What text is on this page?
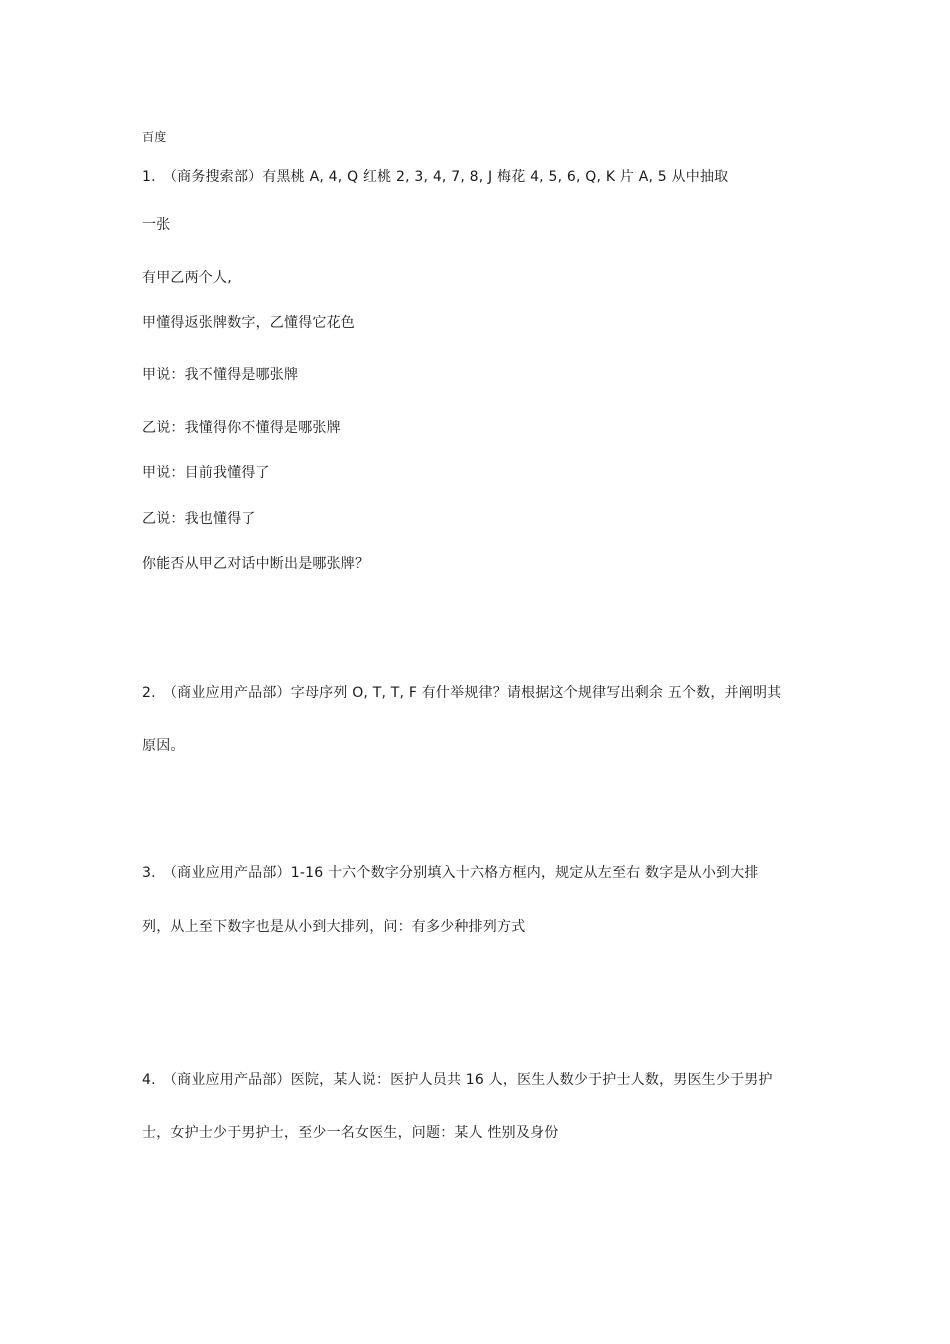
百度
1.　（商务搜索部）有黑桃 A, 4, Q 红桃 2, 3, 4, 7, 8, J 梅花 4, 5, 6, Q, K 片 A, 5 从中抽取
一张
有甲乙两个人,
甲懂得返张牌数字，乙懂得它花色
甲说：我不懂得是哪张牌
乙说：我懂得你不懂得是哪张牌
甲说：目前我懂得了
乙说：我也懂得了
你能否从甲乙对话中断出是哪张牌？
2.　（商业应用产品部）字母序列 O, T, T, F 有什举规律？请根据这个规律写出剩余 五个数，并阐明其
原因。
3.　（商业应用产品部）1-16 十六个数字分别填入十六格方框内，规定从左至右 数字是从小到大排
列，从上至下数字也是从小到大排列，问：有多少种排列方式
4.　（商业应用产品部）医院，某人说：医护人员共 16 人，医生人数少于护士人数，男医生少于男护
士，女护士少于男护士，至少一名女医生，问题：某人 性别及身份
